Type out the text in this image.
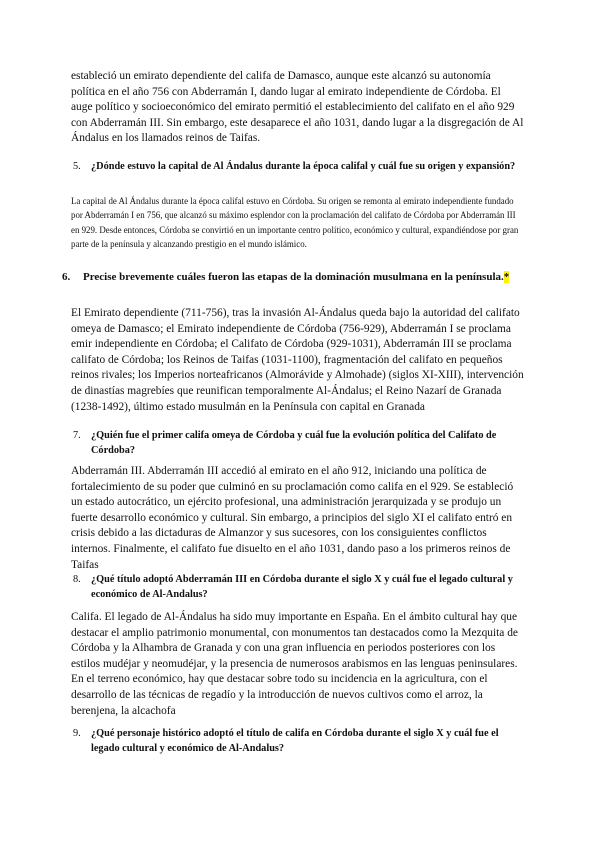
estableció un emirato dependiente del califa de Damasco, aunque este alcanzó su autonomía política en el año 756 con Abderramán I, dando lugar al emirato independiente de Córdoba. El auge político y socioeconómico del emirato permitió el establecimiento del califato en el año 929 con Abderramán III. Sin embargo, este desaparece el año 1031, dando lugar a la disgregación de Al Ándalus en los llamados reinos de Taifas.

5. ¿Dónde estuvo la capital de Al Ándalus durante la época califal y cuál fue su origen y expansión?

La capital de Al Ándalus durante la época califal estuvo en Córdoba. Su origen se remonta al emirato independiente fundado por Abderramán I en 756, que alcanzó su máximo esplendor con la proclamación del califato de Córdoba por Abderramán III en 929. Desde entonces, Córdoba se convirtió en un importante centro político, económico y cultural, expandiéndose por gran parte de la península y alcanzando prestigio en el mundo islámico.

6. Precise brevemente cuáles fueron las etapas de la dominación musulmana en la península.*

El Emirato dependiente (711-756), tras la invasión Al-Ándalus queda bajo la autoridad del califato omeya de Damasco; el Emirato independiente de Córdoba (756-929), Abderramán I se proclama emir independiente en Córdoba; el Califato de Córdoba (929-1031), Abderramán III se proclama califato de Córdoba; los Reinos de Taifas (1031-1100), fragmentación del califato en pequeños reinos rivales; los Imperios norteafricanos (Almorávide y Almohade) (siglos XI-XIII), intervención de dinastías magrebíes que reunifican temporalmente Al-Ándalus; el Reino Nazarí de Granada (1238-1492), último estado musulmán en la Península con capital en Granada

7. ¿Quién fue el primer califa omeya de Córdoba y cuál fue la evolución política del Califato de Córdoba?

Abderramán III. Abderramán III accedió al emirato en el año 912, iniciando una política de fortalecimiento de su poder que culminó en su proclamación como califa en el 929. Se estableció un estado autocrático, un ejército profesional, una administración jerarquizada y se produjo un fuerte desarrollo económico y cultural. Sin embargo, a principios del siglo XI el califato entró en crisis debido a las dictaduras de Almanzor y sus sucesores, con los consiguientes conflictos internos. Finalmente, el califato fue disuelto en el año 1031, dando paso a los primeros reinos de Taifas

8. ¿Qué título adoptó Abderramán III en Córdoba durante el siglo X y cuál fue el legado cultural y económico de Al-Andalus?

Califa. El legado de Al-Ándalus ha sido muy importante en España. En el ámbito cultural hay que destacar el amplio patrimonio monumental, con monumentos tan destacados como la Mezquita de Córdoba y la Alhambra de Granada y con una gran influencia en periodos posteriores con los estilos mudéjar y neomudéjar, y la presencia de numerosos arabismos en las lenguas peninsulares. En el terreno económico, hay que destacar sobre todo su incidencia en la agricultura, con el desarrollo de las técnicas de regadío y la introducción de nuevos cultivos como el arroz, la berenjena, la alcachofa

9. ¿Qué personaje histórico adoptó el título de califa en Córdoba durante el siglo X y cuál fue el legado cultural y económico de Al-Andalus?
